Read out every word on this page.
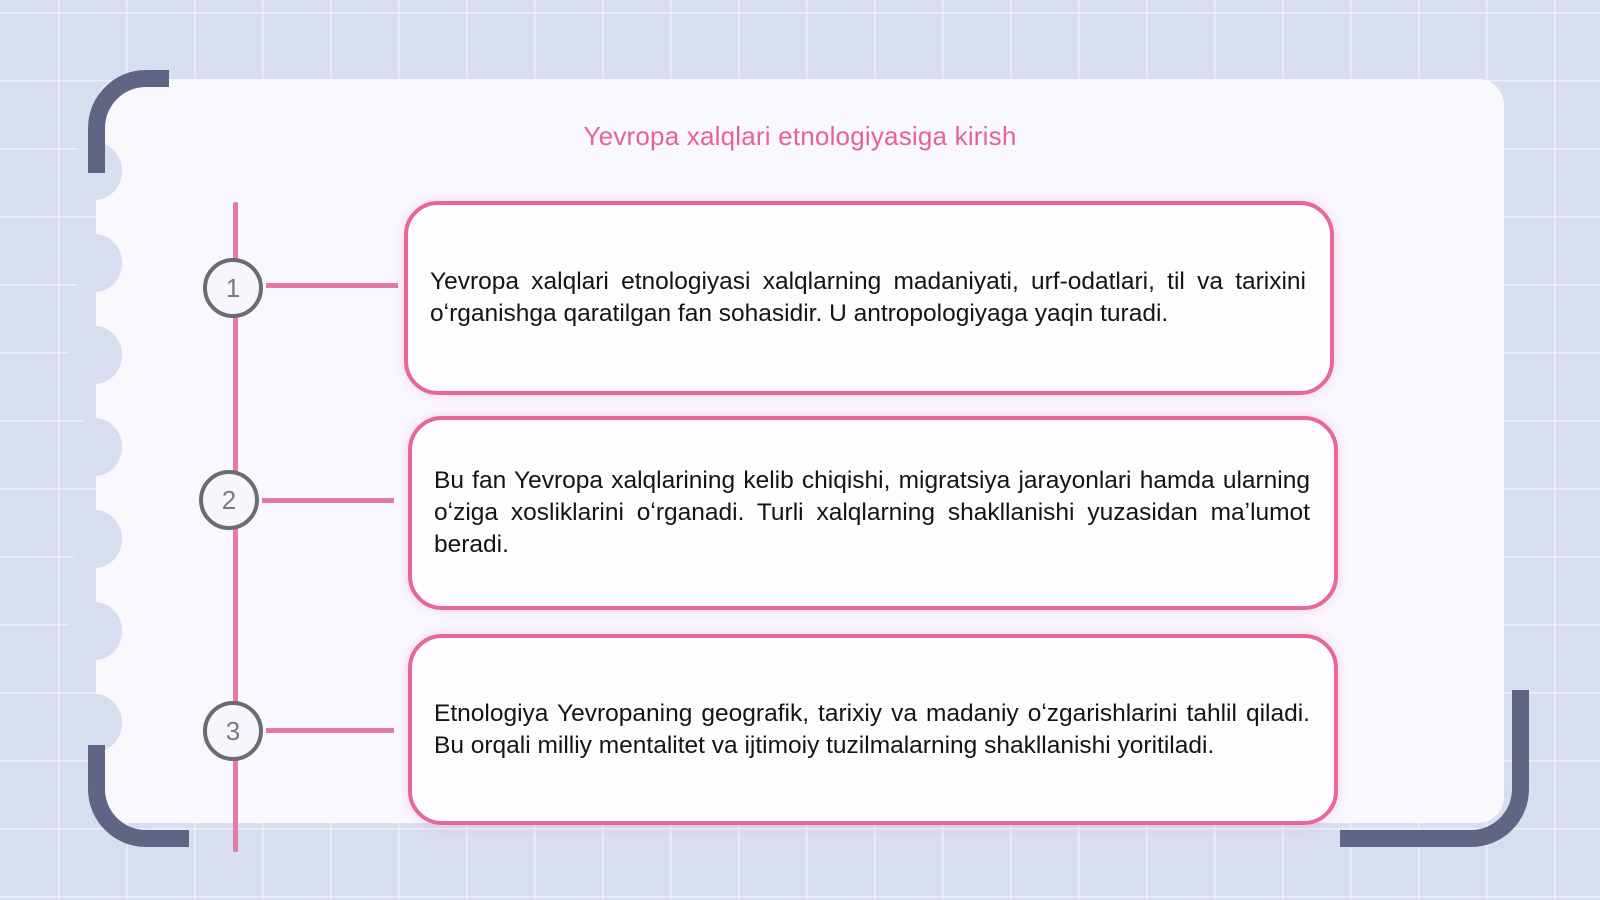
Yevropa xalqlari etnologiyasiga kirish
1
2
3

Yevropa xalqlari etnologiyasi xalqlarning madaniyati, urf-odatlari, til va tarixini oʻrganishga qaratilgan fan sohasidir. U antropologiyaga yaqin turadi.

Bu fan Yevropa xalqlarining kelib chiqishi, migratsiya jarayonlari hamda ularning oʻziga xosliklarini oʻrganadi. Turli xalqlarning shakllanishi yuzasidan maʼlumot beradi.

Etnologiya Yevropaning geografik, tarixiy va madaniy oʻzgarishlarini tahlil qiladi. Bu orqali milliy mentalitet va ijtimoiy tuzilmalarning shakllanishi yoritiladi.
